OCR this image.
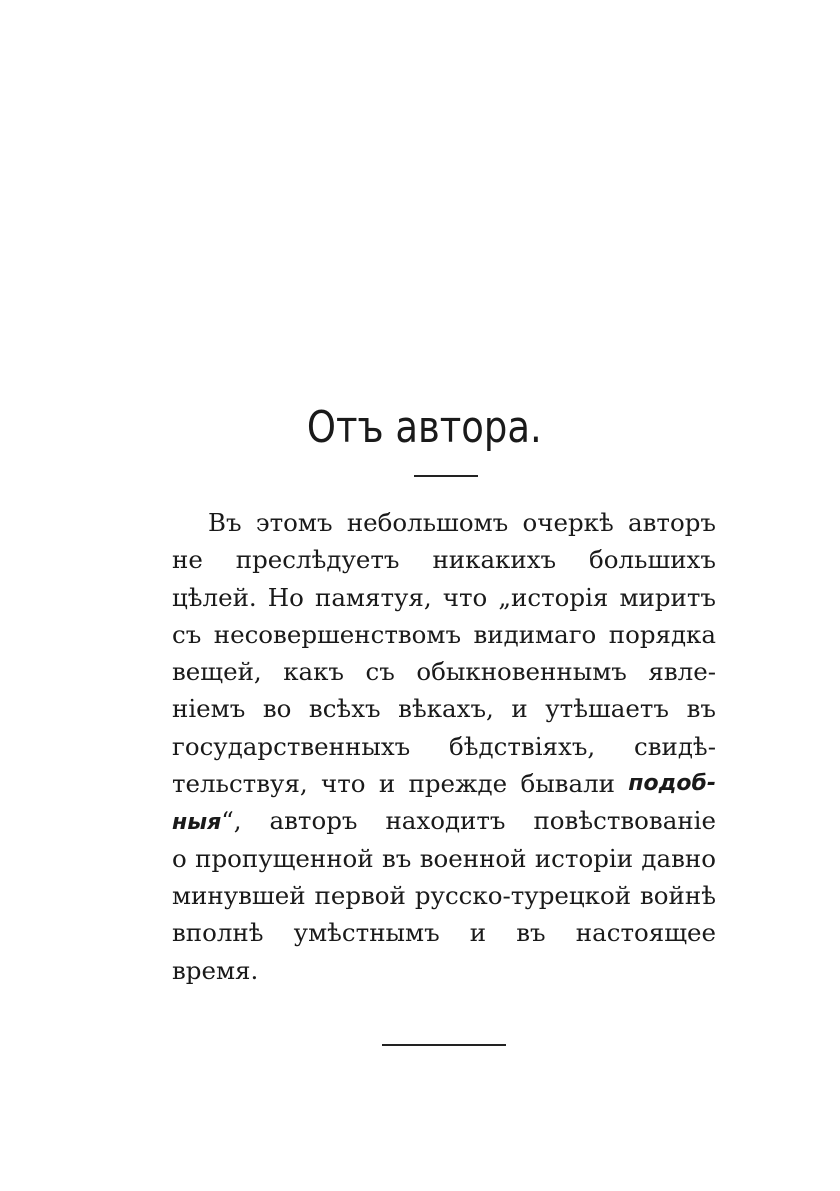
Отъ автора.
Въ этомъ небольшомъ очеркѣ авторъ
не преслѣдуетъ никакихъ большихъ
цѣлей. Но памятуя, что „исторія миритъ
съ несовершенствомъ видимаго порядка
вещей, какъ съ обыкновеннымъ явле-
ніемъ во всѣхъ вѣкахъ, и утѣшаетъ въ
государственныхъ бѣдствіяхъ, свидѣ-
тельствуя, что и прежде бывали подоб-
ныя“, авторъ находитъ повѣствованіе
о пропущенной въ военной исторіи давно
минувшей первой русско-турецкой войнѣ
вполнѣ умѣстнымъ и въ настоящее
время.
